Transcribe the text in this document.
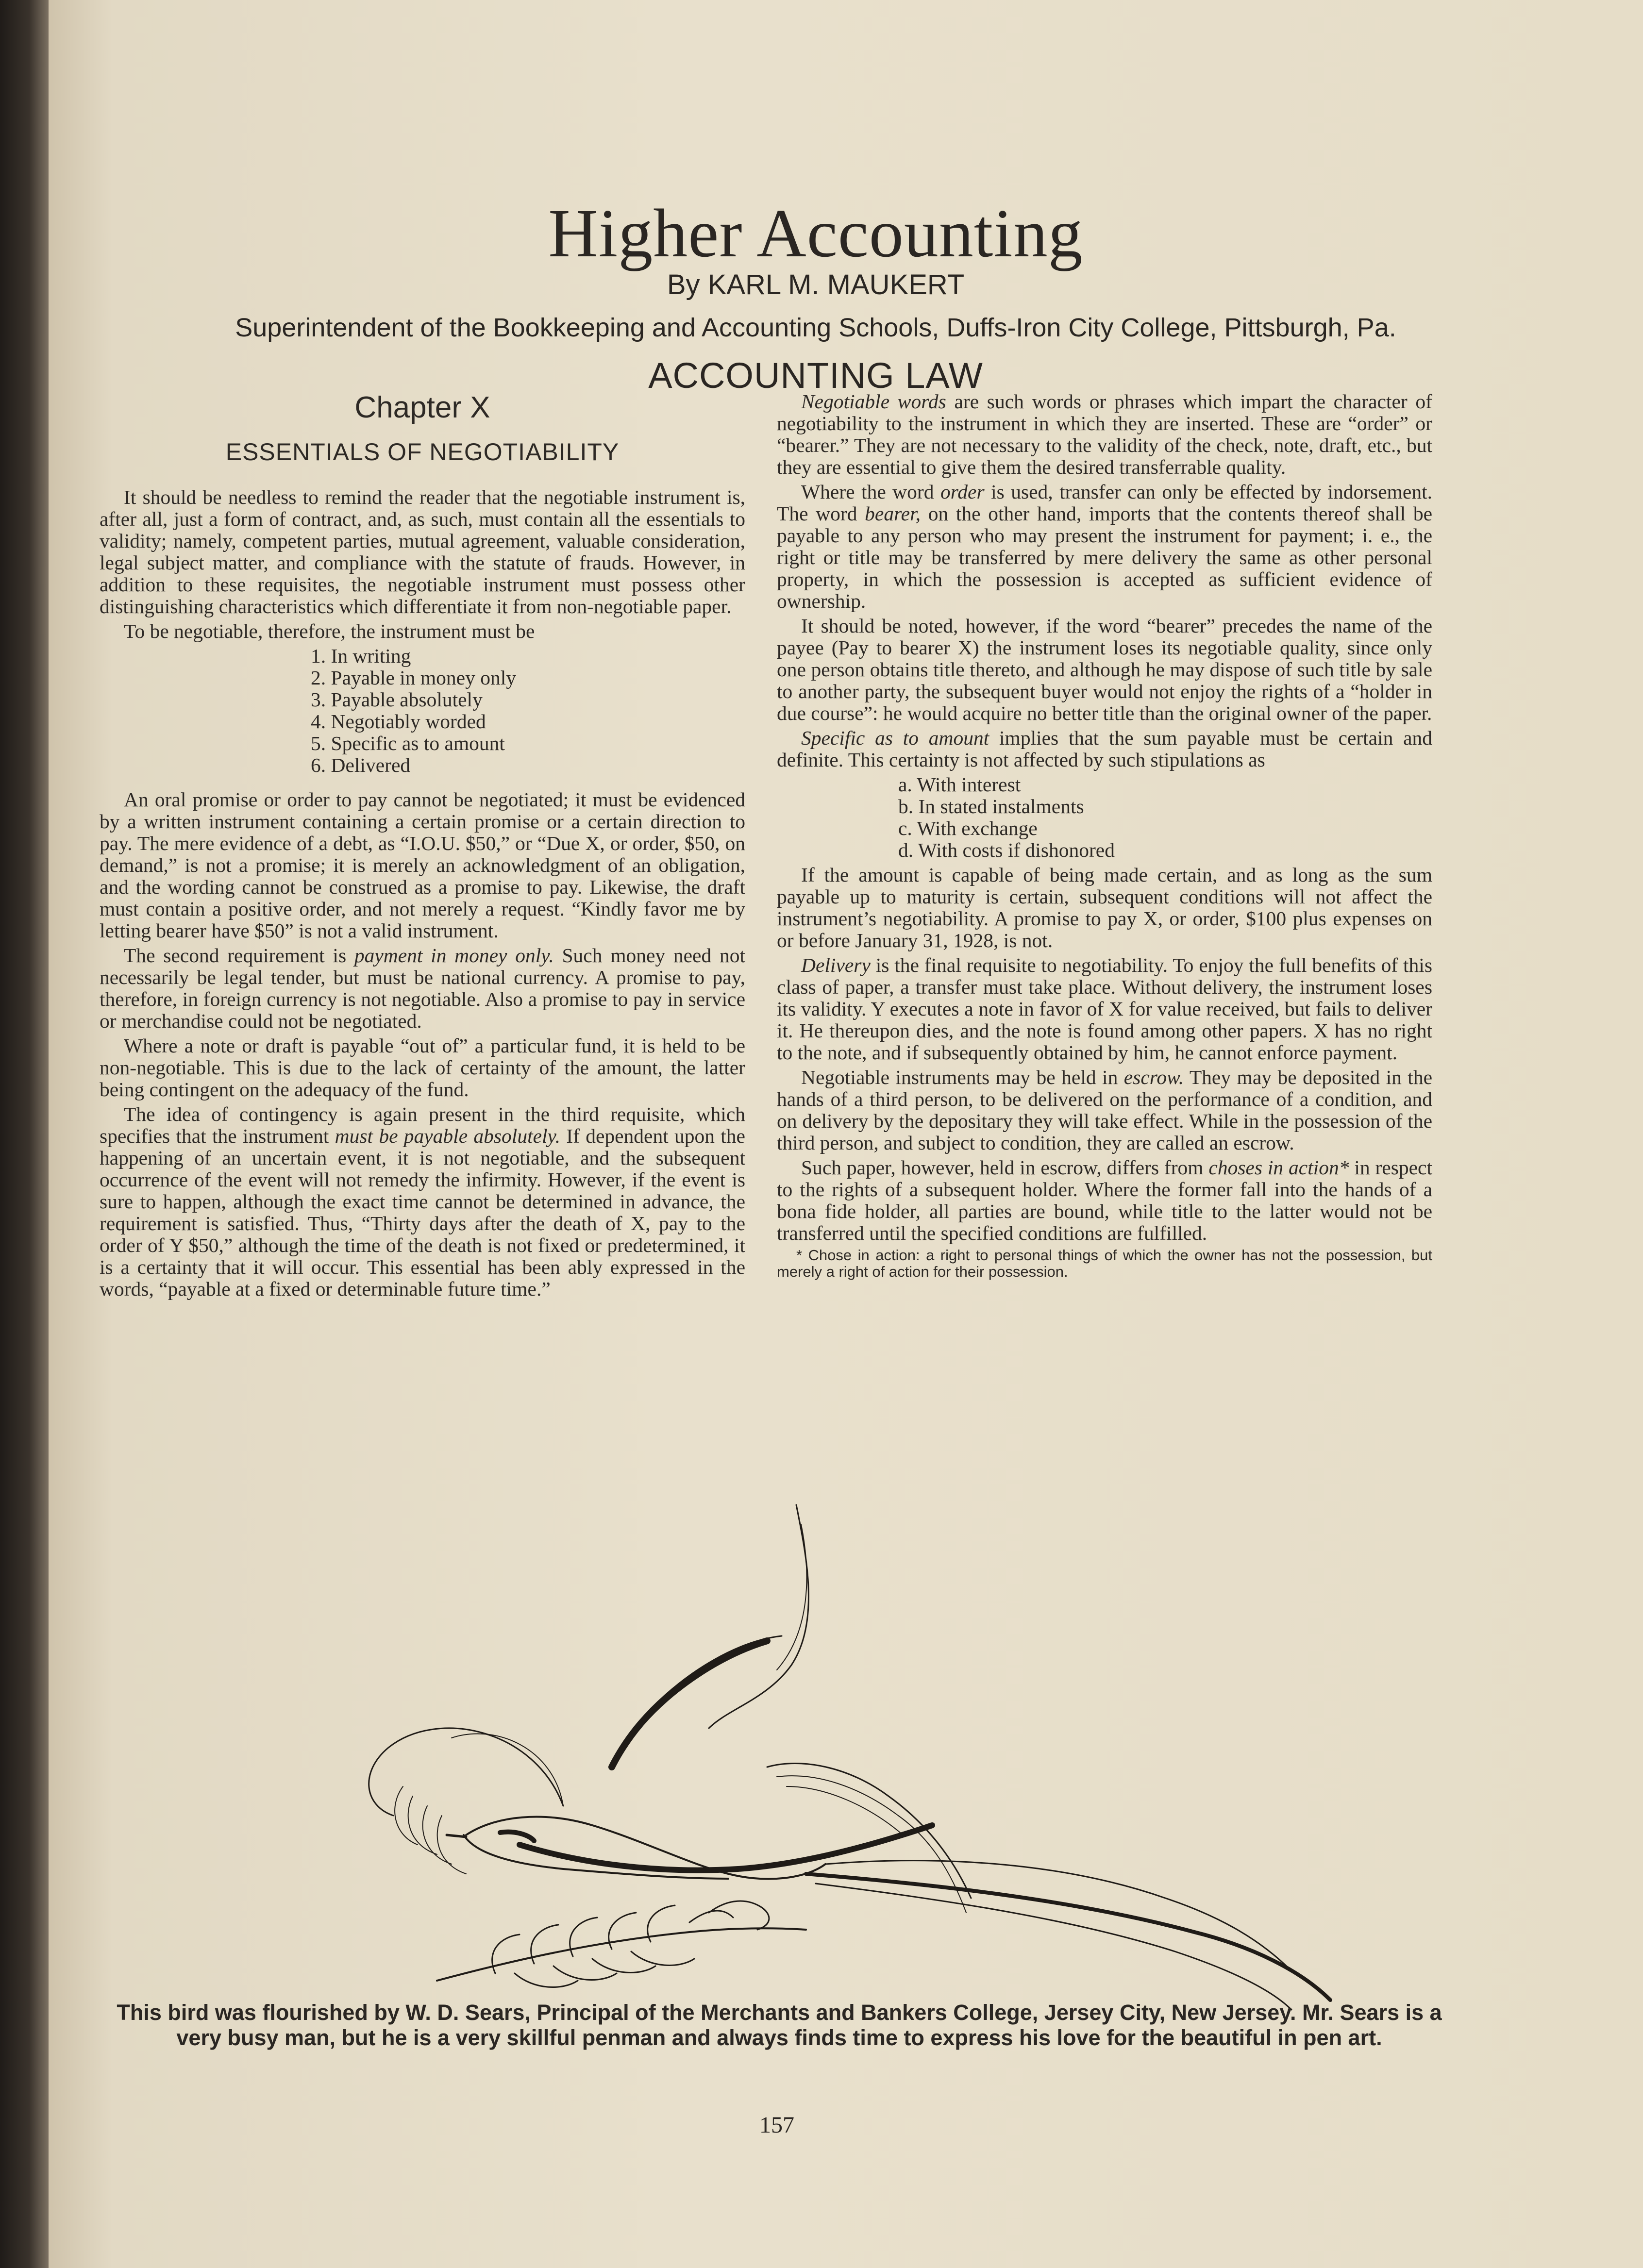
Higher Accounting
By KARL M. MAUKERT
Superintendent of the Bookkeeping and Accounting Schools, Duffs-Iron City College, Pittsburgh, Pa.
ACCOUNTING LAW
Chapter X
ESSENTIALS OF NEGOTIABILITY

It should be needless to remind the reader that the negotiable instrument is, after all, just a form of contract, and, as such, must contain all the essentials to validity; namely, competent parties, mutual agreement, valuable consideration, legal subject matter, and compliance with the statute of frauds. However, in addition to these requisites, the negotiable instrument must possess other distinguishing characteristics which differentiate it from non-negotiable paper.

To be negotiable, therefore, the instrument must be

1. In writing
2. Payable in money only
3. Payable absolutely
4. Negotiably worded
5. Specific as to amount
6. Delivered

An oral promise or order to pay cannot be negotiated; it must be evidenced by a written instrument containing a certain promise or a certain direction to pay. The mere evidence of a debt, as “I.O.U. $50,” or “Due X, or order, $50, on demand,” is not a promise; it is merely an acknowledgment of an obligation, and the wording cannot be construed as a promise to pay. Likewise, the draft must contain a positive order, and not merely a request. “Kindly favor me by letting bearer have $50” is not a valid instrument.

The second requirement is payment in money only. Such money need not necessarily be legal tender, but must be national currency. A promise to pay, therefore, in foreign currency is not negotiable. Also a promise to pay in service or merchandise could not be negotiated.

Where a note or draft is payable “out of” a particular fund, it is held to be non-negotiable. This is due to the lack of certainty of the amount, the latter being contingent on the adequacy of the fund.

The idea of contingency is again present in the third requisite, which specifies that the instrument must be payable absolutely. If dependent upon the happening of an uncertain event, it is not negotiable, and the subsequent occurrence of the event will not remedy the infirmity. However, if the event is sure to happen, although the exact time cannot be determined in advance, the requirement is satisfied. Thus, “Thirty days after the death of X, pay to the order of Y $50,” although the time of the death is not fixed or predetermined, it is a certainty that it will occur. This essential has been ably expressed in the words, “payable at a fixed or determinable future time.”

Negotiable words are such words or phrases which impart the character of negotiability to the instrument in which they are inserted. These are “order” or “bearer.” They are not necessary to the validity of the check, note, draft, etc., but they are essential to give them the desired transferrable quality.

Where the word order is used, transfer can only be effected by indorsement. The word bearer, on the other hand, imports that the contents thereof shall be payable to any person who may present the instrument for payment; i. e., the right or title may be transferred by mere delivery the same as other personal property, in which the possession is accepted as sufficient evidence of ownership.

It should be noted, however, if the word “bearer” precedes the name of the payee (Pay to bearer X) the instrument loses its negotiable quality, since only one person obtains title thereto, and although he may dispose of such title by sale to another party, the subsequent buyer would not enjoy the rights of a “holder in due course”: he would acquire no better title than the original owner of the paper.

Specific as to amount implies that the sum payable must be certain and definite. This certainty is not affected by such stipulations as

a. With interest
b. In stated instalments
c. With exchange
d. With costs if dishonored

If the amount is capable of being made certain, and as long as the sum payable up to maturity is certain, subsequent conditions will not affect the instrument’s negotiability. A promise to pay X, or order, $100 plus expenses on or before January 31, 1928, is not.

Delivery is the final requisite to negotiability. To enjoy the full benefits of this class of paper, a transfer must take place. Without delivery, the instrument loses its validity. Y executes a note in favor of X for value received, but fails to deliver it. He thereupon dies, and the note is found among other papers. X has no right to the note, and if subsequently obtained by him, he cannot enforce payment.

Negotiable instruments may be held in escrow. They may be deposited in the hands of a third person, to be delivered on the performance of a condition, and on delivery by the depositary they will take effect. While in the possession of the third person, and subject to condition, they are called an escrow.

Such paper, however, held in escrow, differs from choses in action* in respect to the rights of a subsequent holder. Where the former fall into the hands of a bona fide holder, all parties are bound, while title to the latter would not be transferred until the specified conditions are fulfilled.

* Chose in action: a right to personal things of which the owner has not the possession, but merely a right of action for their possession.
This bird was flourished by W. D. Sears, Principal of the Merchants and Bankers College, Jersey City, New Jersey. Mr. Sears is a very busy man, but he is a very skillful penman and always finds time to express his love for the beautiful in pen art.
157
